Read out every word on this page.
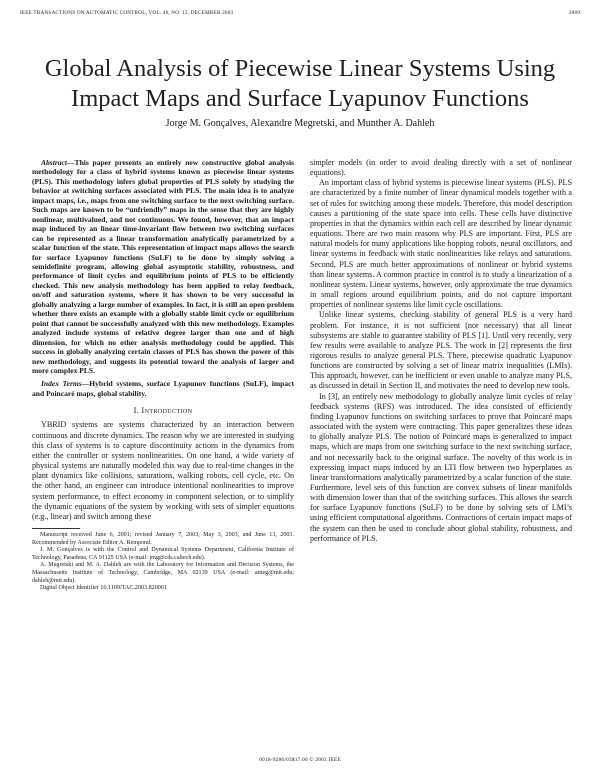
IEEE TRANSACTIONS ON AUTOMATIC CONTROL, VOL. 48, NO. 12, DECEMBER 2003	2089
Global Analysis of Piecewise Linear Systems Using Impact Maps and Surface Lyapunov Functions
Jorge M. Gonçalves, Alexandre Megretski, and Munther A. Dahleh

Abstract—This paper presents an entirely new constructive global analysis methodology for a class of hybrid systems known as piecewise linear systems (PLS). This methodology infers global properties of PLS solely by studying the behavior at switching surfaces associated with PLS. The main idea is to analyze impact maps, i.e., maps from one switching surface to the next switching surface. Such maps are known to be “unfriendly” maps in the sense that they are highly nonlinear, multivalued, and not continuous. We found, however, that an impact map induced by an linear time-invariant flow between two switching surfaces can be represented as a linear transformation analytically parametrized by a scalar function of the state. This representation of impact maps allows the search for surface Lyapunov functions (SuLF) to be done by simply solving a semidefinite program, allowing global asymptotic stability, robustness, and performance of limit cycles and equilibrium points of PLS to be efficiently checked. This new analysis methodology has been applied to relay feedback, on/off and saturation systems, where it has shown to be very successful in globally analyzing a large number of examples. In fact, it is still an open problem whether there exists an example with a globally stable limit cycle or equilibrium point that cannot be successfully analyzed with this new methodology. Examples analyzed include systems of relative degree larger than one and of high dimension, for which no other analysis methodology could be applied. This success in globally analyzing certain classes of PLS has shown the power of this new methodology, and suggests its potential toward the analysis of larger and more complex PLS.

Index Terms—Hybrid systems, surface Lyapunov functions (SuLF), impact and Poincaré maps, global stability.

I. Introduction

YBRID systems are systems characterized by an interaction between continuous and discrete dynamics. The reason why we are interested in studying this class of systems is to capture discontinuity actions in the dynamics from either the controller or system nonlinearities. On one hand, a wide variety of physical systems are naturally modeled this way due to real-time changes in the plant dynamics like collisions, saturations, walking robots, cell cycle, etc. On the other hand, an engineer can introduce intentional nonlinearities to improve system performance, to effect economy in component selection, or to simplify the dynamic equations of the system by working with sets of simpler equations (e.g., linear) and switch among these

Manuscript received June 6, 2001; revised January 7, 2003, May 3, 2003, and June 13, 2003. Recommended by Associate Editor A. Rempond.

J. M. Gonçalves is with the Control and Dynamical Systems Department, California Institute of Technology, Pasadena, CA 91125 USA (e-mail: jmg@cds.caltech.edu).

A. Megretski and M. A. Dahleh are with the Laboratory for Information and Decision Systems, the Massachusetts Institute of Technology, Cambridge, MA 02139 USA (e-mail: ameg@mit.edu; dahleh@mit.edu).

Digital Object Identifier 10.1109/TAC.2003.820061

simpler models (in order to avoid dealing directly with a set of nonlinear equations).

An important class of hybrid systems is piecewise linear systems (PLS). PLS are characterized by a finite number of linear dynamical models together with a set of rules for switching among these models. Therefore, this model description causes a partitioning of the state space into cells. These cells have distinctive properties in that the dynamics within each cell are described by linear dynamic equations. There are two main reasons why PLS are important. First, PLS are natural models for many applications like hopping robots, neural oscillators, and linear systems in feedback with static nonlinearities like relays and saturations. Second, PLS are much better approximations of nonlinear or hybrid systems than linear systems. A common practice in control is to study a linearization of a nonlinear system. Linear systems, however, only approximate the true dynamics in small regions around equilibrium points, and do not capture important properties of nonlinear systems like limit cycle oscillations.

Unlike linear systems, checking stability of general PLS is a very hard problem. For instance, it is not sufficient (nor necessary) that all linear subsystems are stable to guarantee stability of PLS [1]. Until very recently, very few results were available to analyze PLS. The work in [2] represents the first rigorous results to analyze general PLS. There, piecewise quadratic Lyapunov functions are constructed by solving a set of linear matrix inequalities (LMIs). This approach, however, can be inefficient or even unable to analyze many PLS, as discussed in detail in Section II, and motivates the need to develop new tools.

In [3], an entirely new methodology to globally analyze limit cycles of relay feedback systems (RFS) was introduced. The idea consisted of efficiently finding Lyapunov functions on switching surfaces to prove that Poincaré maps associated with the system were contracting. This paper generalizes these ideas to globally analyze PLS. The notion of Poincaré maps is generalized to impact maps, which are maps from one switching surface to the next switching surface, and not necessarily back to the original surface. The novelty of this work is in expressing impact maps induced by an LTI flow between two hyperplanes as linear transformations analytically parametrized by a scalar function of the state. Furthermore, level sets of this function are convex subsets of linear manifolds with dimension lower than that of the switching surfaces. This allows the search for surface Lyapunov functions (SuLF) to be done by solving sets of LMI’s using efficient computational algorithms. Contractions of certain impact maps of the system can then be used to conclude about global stability, robustness, and performance of PLS.

0018-9286/03$17.00 © 2003 IEEE
